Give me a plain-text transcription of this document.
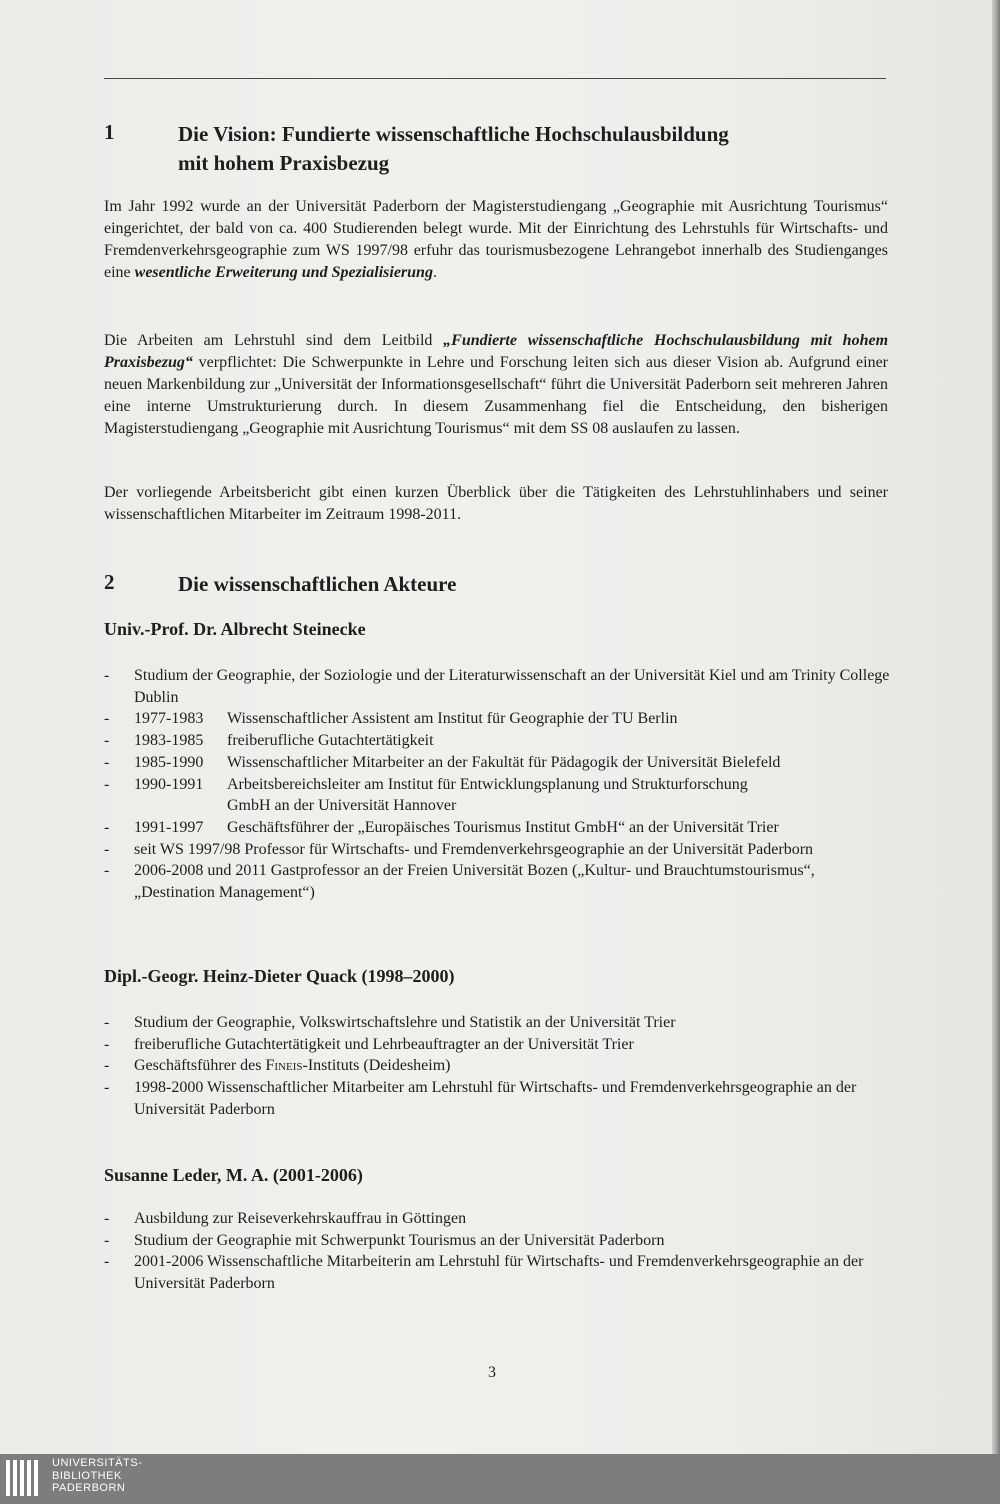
1	Die Vision: Fundierte wissenschaftliche Hochschulausbildung
mit hohem Praxisbezug

Im Jahr 1992 wurde an der Universität Paderborn der Magisterstudiengang „Geographie mit Ausrichtung Tourismus“ eingerichtet, der bald von ca. 400 Studierenden belegt wurde. Mit der Einrichtung des Lehrstuhls für Wirtschafts- und Fremdenverkehrsgeographie zum WS 1997/98 erfuhr das tourismusbezogene Lehrangebot innerhalb des Studienganges eine wesentliche Erweiterung und Spezialisierung.

Die Arbeiten am Lehrstuhl sind dem Leitbild „Fundierte wissenschaftliche Hochschulausbildung mit hohem Praxisbezug“ verpflichtet: Die Schwerpunkte in Lehre und Forschung leiten sich aus dieser Vision ab. Aufgrund einer neuen Markenbildung zur „Universität der Informationsgesellschaft“ führt die Universität Paderborn seit mehreren Jahren eine interne Umstrukturierung durch. In diesem Zusammenhang fiel die Entscheidung, den bisherigen Magisterstudiengang „Geographie mit Ausrichtung Tourismus“ mit dem SS 08 auslaufen zu lassen.

Der vorliegende Arbeitsbericht gibt einen kurzen Überblick über die Tätigkeiten des Lehrstuhlinhabers und seiner wissenschaftlichen Mitarbeiter im Zeitraum 1998-2011.

2	Die wissenschaftlichen Akteure
Univ.-Prof. Dr. Albrecht Steinecke
- Studium der Geographie, der Soziologie und der Literaturwissenschaft an der Universität Kiel und am Trinity College Dublin
- 1977-1983 Wissenschaftlicher Assistent am Institut für Geographie der TU Berlin
- 1983-1985 freiberufliche Gutachtertätigkeit
- 1985-1990 Wissenschaftlicher Mitarbeiter an der Fakultät für Pädagogik der Universität Bielefeld
- 1990-1991 Arbeitsbereichsleiter am Institut für Entwicklungsplanung und Strukturforschung
GmbH an der Universität Hannover
- 1991-1997 Geschäftsführer der „Europäisches Tourismus Institut GmbH“ an der Universität Trier
- seit WS 1997/98 Professor für Wirtschafts- und Fremdenverkehrsgeographie an der Universität Paderborn
- 2006-2008 und 2011 Gastprofessor an der Freien Universität Bozen („Kultur- und Brauchtumstourismus“, „Destination Management“)
Dipl.-Geogr. Heinz-Dieter Quack (1998–2000)
- Studium der Geographie, Volkswirtschaftslehre und Statistik an der Universität Trier
- freiberufliche Gutachtertätigkeit und Lehrbeauftragter an der Universität Trier
- Geschäftsführer des Fineis-Instituts (Deidesheim)
- 1998-2000 Wissenschaftlicher Mitarbeiter am Lehrstuhl für Wirtschafts- und Fremdenverkehrsgeographie an der Universität Paderborn
Susanne Leder, M. A. (2001-2006)
- Ausbildung zur Reiseverkehrskauffrau in Göttingen
- Studium der Geographie mit Schwerpunkt Tourismus an der Universität Paderborn
- 2001-2006 Wissenschaftliche Mitarbeiterin am Lehrstuhl für Wirtschafts- und Fremdenverkehrsgeographie an der Universität Paderborn
3
UNIVERSITÄTS-
BIBLIOTHEK
PADERBORN
